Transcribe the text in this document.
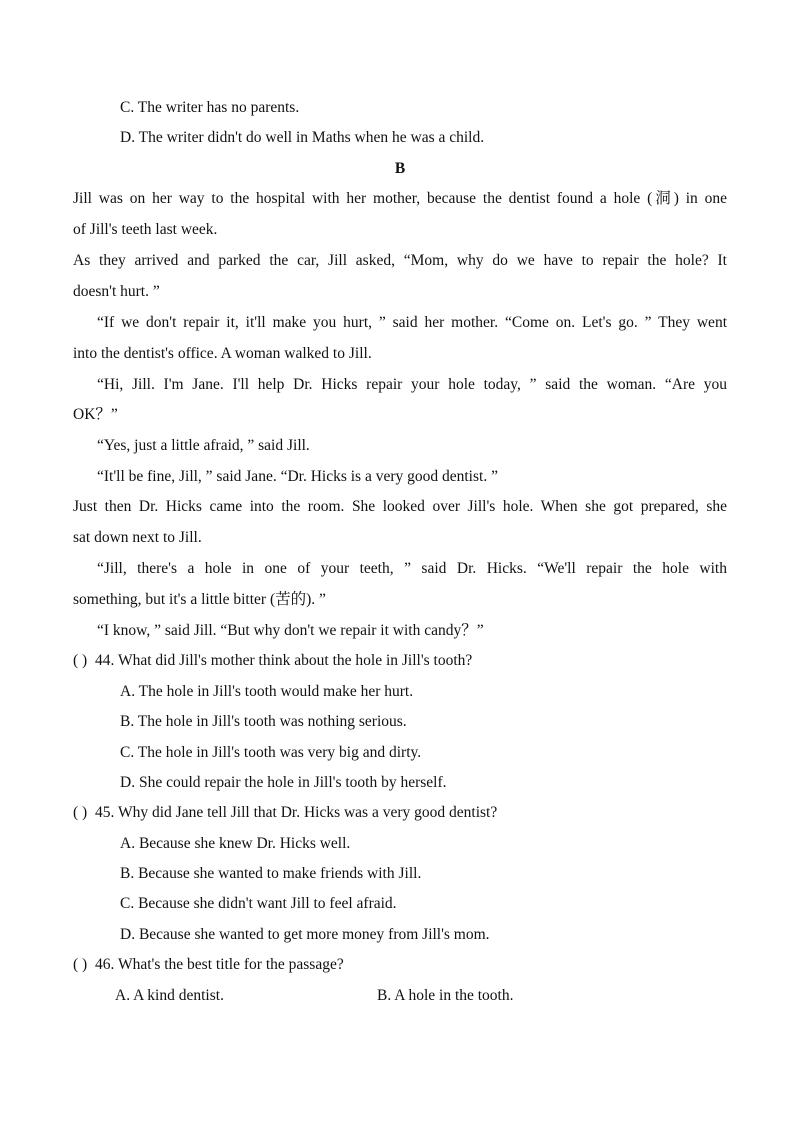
C. The writer has no parents.
D. The writer didn't do well in Maths when he was a child.
B
Jill was on her way to the hospital with her mother, because the dentist found a hole (洞) in one
of Jill's teeth last week.
As they arrived and parked the car, Jill asked, “Mom, why do we have to repair the hole? It
doesn't hurt. ”
“If we don't repair it, it'll make you hurt, ” said her mother. “Come on. Let's go. ” They went
into the dentist's office. A woman walked to Jill.
“Hi, Jill. I'm Jane. I'll help Dr. Hicks repair your hole today, ” said the woman. “Are you
OK？”
“Yes, just a little afraid, ” said Jill.
“It'll be fine, Jill, ” said Jane. “Dr. Hicks is a very good dentist. ”
Just then Dr. Hicks came into the room. She looked over Jill's hole. When she got prepared, she
sat down next to Jill.
“Jill, there's a hole in one of your teeth, ” said Dr. Hicks. “We'll repair the hole with
something, but it's a little bitter (苦的). ”
“I know, ” said Jill. “But why don't we repair it with candy？”
( ) 44. What did Jill's mother think about the hole in Jill's tooth?
A. The hole in Jill's tooth would make her hurt.
B. The hole in Jill's tooth was nothing serious.
C. The hole in Jill's tooth was very big and dirty.
D. She could repair the hole in Jill's tooth by herself.
( ) 45. Why did Jane tell Jill that Dr. Hicks was a very good dentist?
A. Because she knew Dr. Hicks well.
B. Because she wanted to make friends with Jill.
C. Because she didn't want Jill to feel afraid.
D. Because she wanted to get more money from Jill's mom.
( ) 46. What's the best title for the passage?
A. A kind dentist.	B. A hole in the tooth.
